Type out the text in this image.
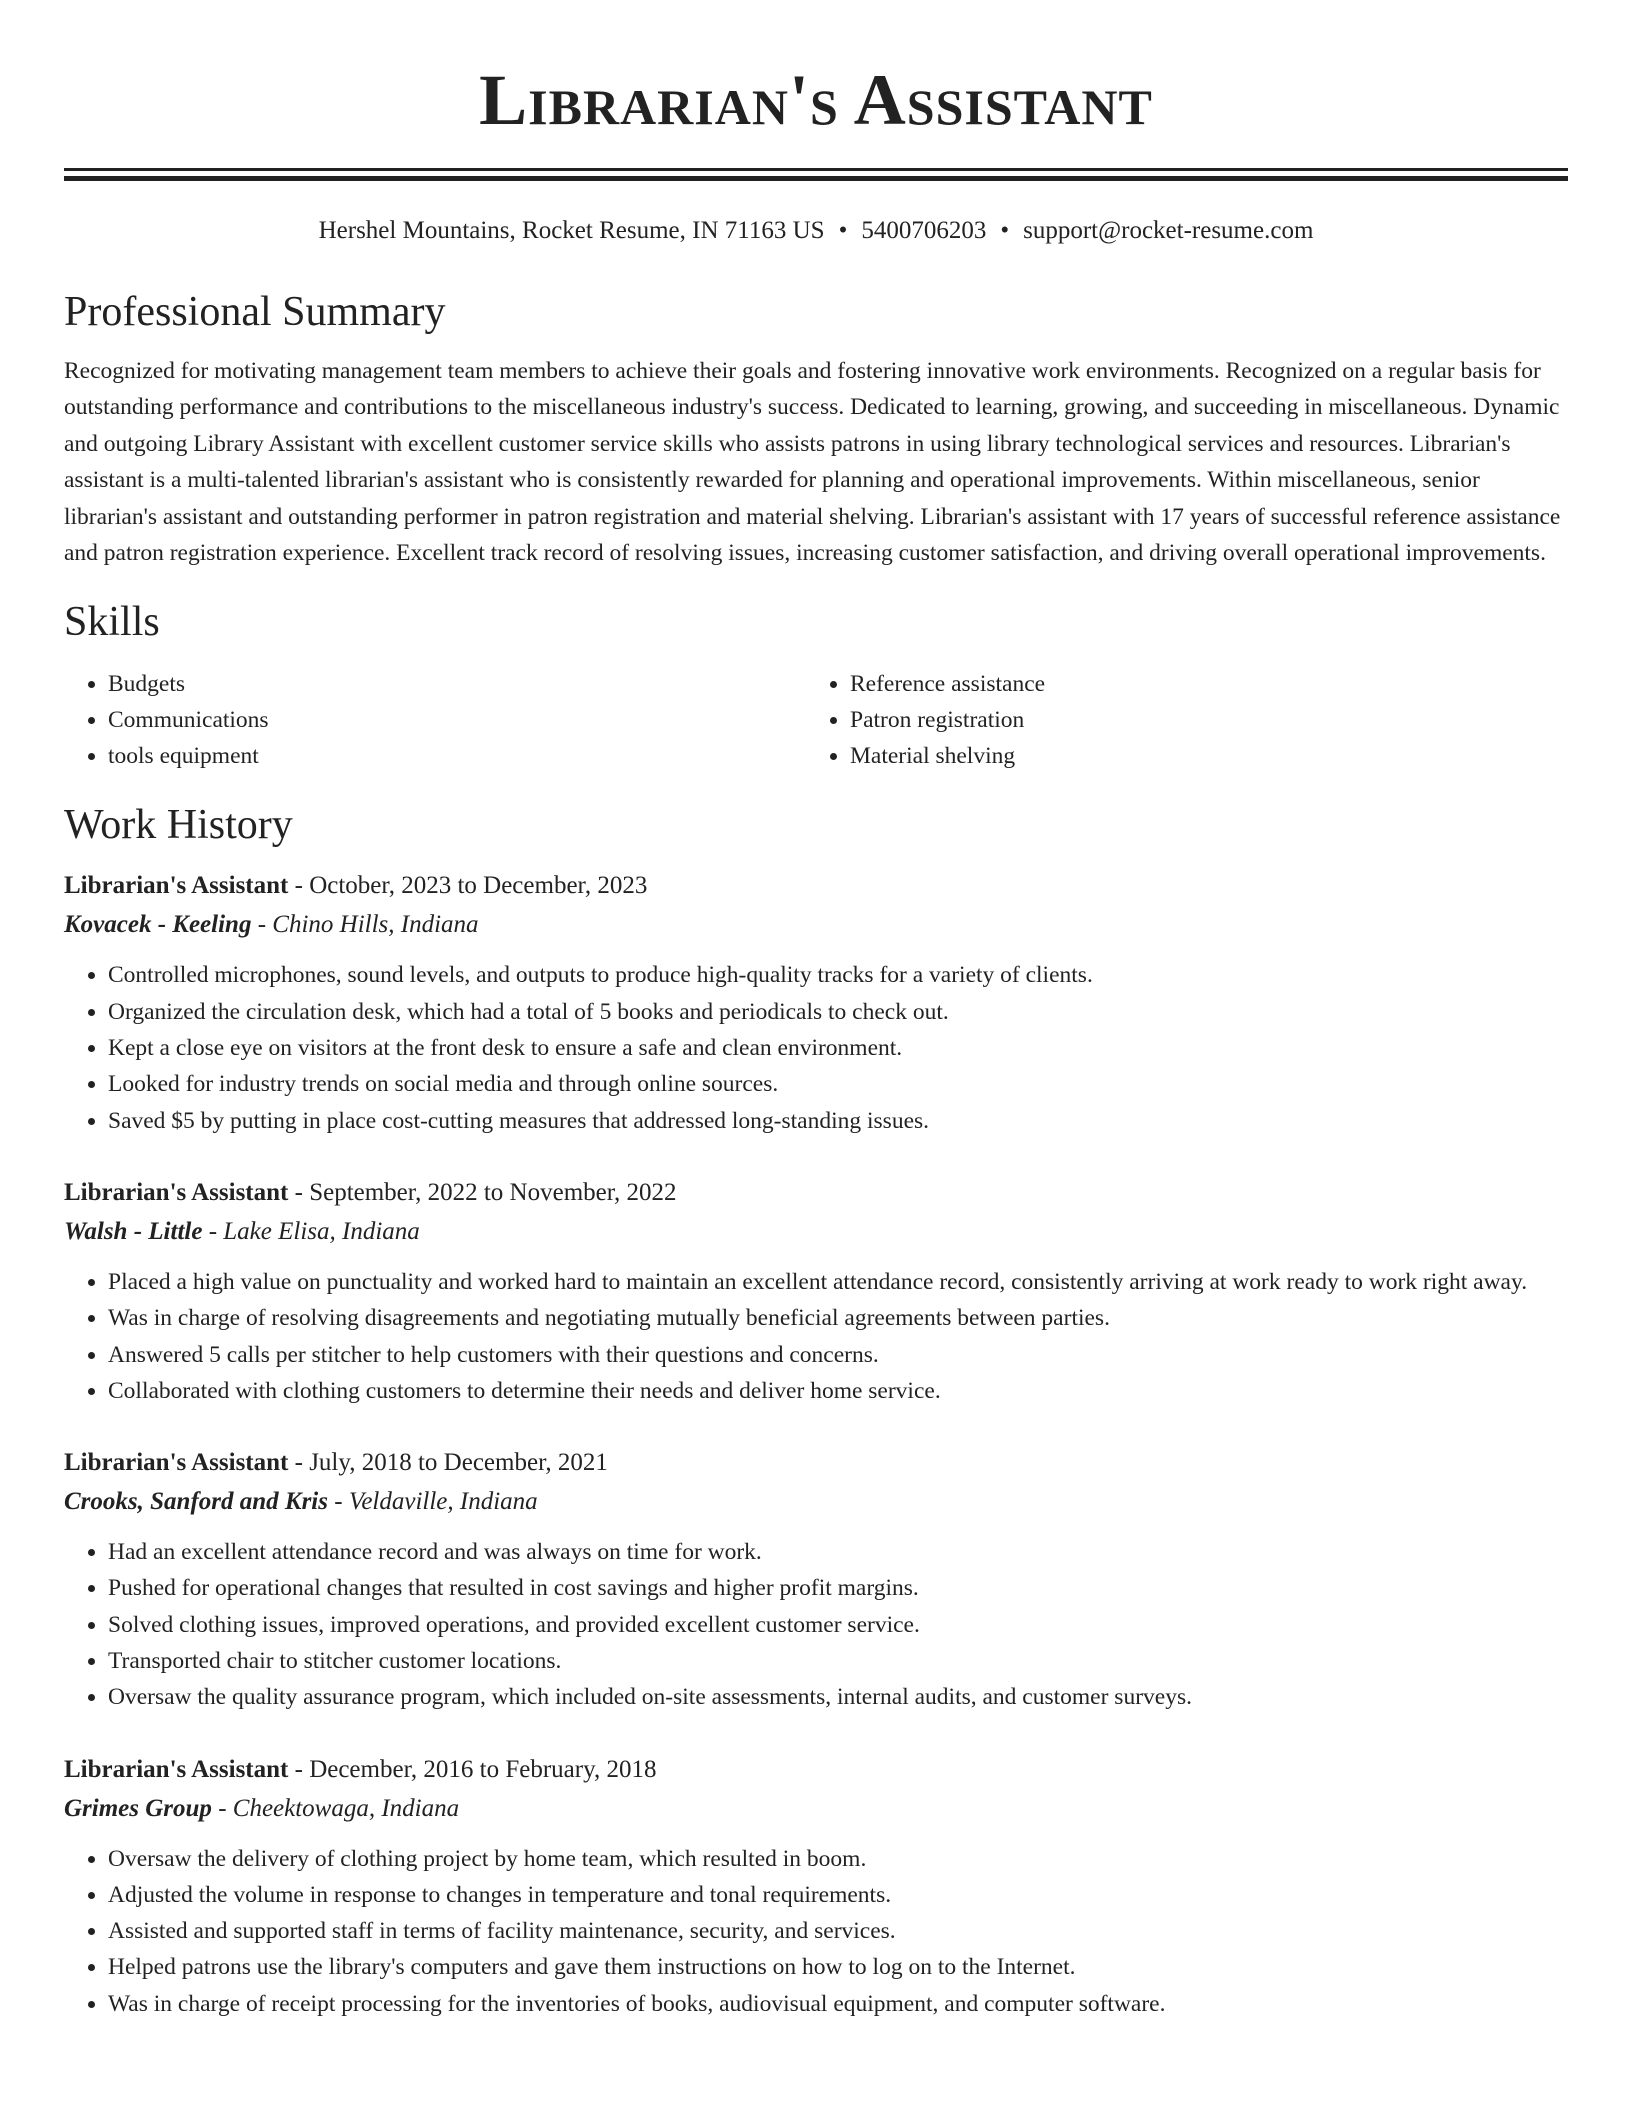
Librarian's Assistant
Hershel Mountains, Rocket Resume, IN 71163 US • 5400706203 • support@rocket-resume.com
Professional Summary

Recognized for motivating management team members to achieve their goals and fostering innovative work environments. Recognized on a regular basis for outstanding performance and contributions to the miscellaneous industry's success. Dedicated to learning, growing, and succeeding in miscellaneous. Dynamic and outgoing Library Assistant with excellent customer service skills who assists patrons in using library technological services and resources. Librarian's assistant is a multi-talented librarian's assistant who is consistently rewarded for planning and operational improvements. Within miscellaneous, senior librarian's assistant and outstanding performer in patron registration and material shelving. Librarian's assistant with 17 years of successful reference assistance and patron registration experience. Excellent track record of resolving issues, increasing customer satisfaction, and driving overall operational improvements.

Skills
• Budgets
• Communications
• tools equipment
• Reference assistance
• Patron registration
• Material shelving
Work History
Librarian's Assistant - October, 2023 to December, 2023
Kovacek - Keeling - Chino Hills, Indiana
• Controlled microphones, sound levels, and outputs to produce high-quality tracks for a variety of clients.
• Organized the circulation desk, which had a total of 5 books and periodicals to check out.
• Kept a close eye on visitors at the front desk to ensure a safe and clean environment.
• Looked for industry trends on social media and through online sources.
• Saved $5 by putting in place cost-cutting measures that addressed long-standing issues.
Librarian's Assistant - September, 2022 to November, 2022
Walsh - Little - Lake Elisa, Indiana
• Placed a high value on punctuality and worked hard to maintain an excellent attendance record, consistently arriving at work ready to work right away.
• Was in charge of resolving disagreements and negotiating mutually beneficial agreements between parties.
• Answered 5 calls per stitcher to help customers with their questions and concerns.
• Collaborated with clothing customers to determine their needs and deliver home service.
Librarian's Assistant - July, 2018 to December, 2021
Crooks, Sanford and Kris - Veldaville, Indiana
• Had an excellent attendance record and was always on time for work.
• Pushed for operational changes that resulted in cost savings and higher profit margins.
• Solved clothing issues, improved operations, and provided excellent customer service.
• Transported chair to stitcher customer locations.
• Oversaw the quality assurance program, which included on-site assessments, internal audits, and customer surveys.
Librarian's Assistant - December, 2016 to February, 2018
Grimes Group - Cheektowaga, Indiana
• Oversaw the delivery of clothing project by home team, which resulted in boom.
• Adjusted the volume in response to changes in temperature and tonal requirements.
• Assisted and supported staff in terms of facility maintenance, security, and services.
• Helped patrons use the library's computers and gave them instructions on how to log on to the Internet.
• Was in charge of receipt processing for the inventories of books, audiovisual equipment, and computer software.
